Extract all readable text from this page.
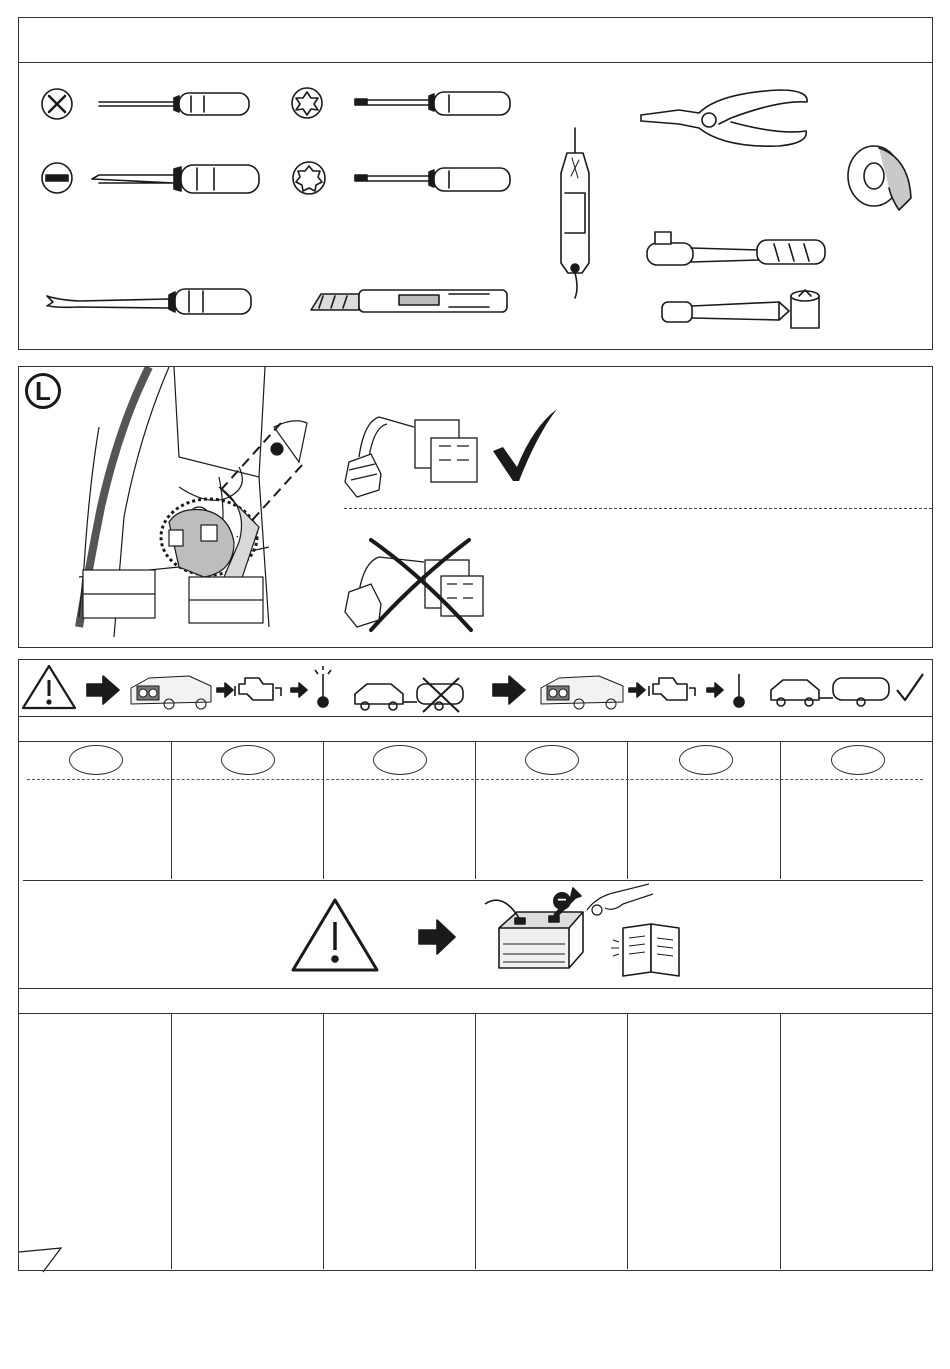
L
−
